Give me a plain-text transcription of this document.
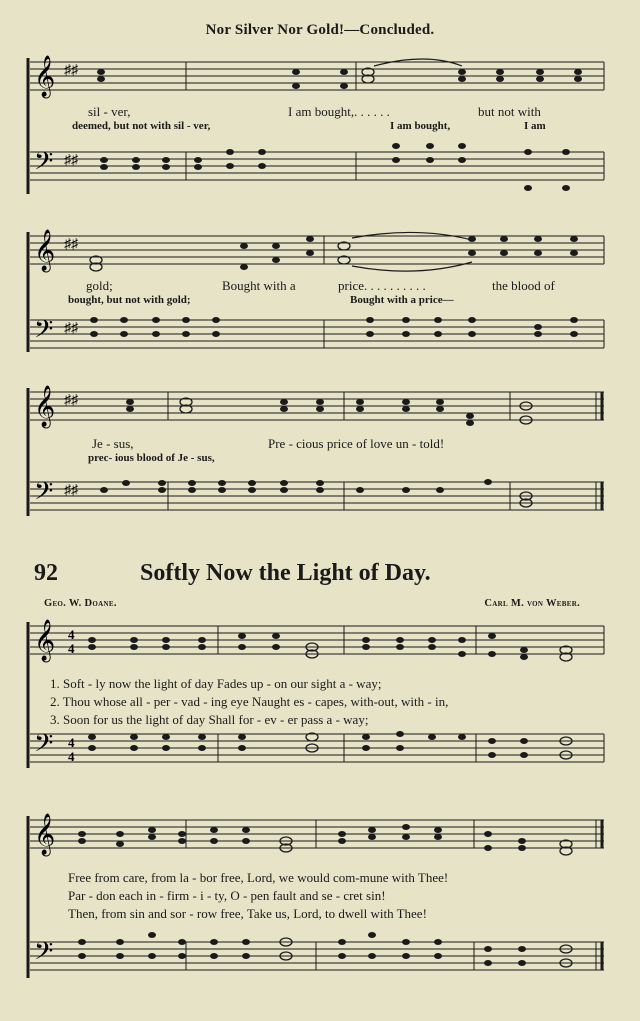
Nor Silver Nor Gold!—Concluded.
𝄞
𝄢
♯♯
♯♯
sil - ver,	I am bought,. . . . . .	but not with
deemed, but not with sil - ver,	I am bought,	I am
𝄞
𝄢
♯♯
♯♯
gold;	Bought with a	price. . . . . . . . . .	the blood of
bought, but not with gold;	Bought with a price—
𝄞
𝄢
♯♯
♯♯
Je - sus,	Pre - cious price of love un - told!
prec- ious blood of Je - sus,
92	Softly Now the Light of Day.
Geo. W. Doane.	Carl M. von Weber.
𝄞
𝄢
4
4
4
4
1. Soft - ly now the light of day Fades up - on our sight a - way;
2. Thou whose all - per - vad - ing eye Naught es - capes, with-out, with - in,
3. Soon for us the light of day Shall for - ev - er pass a - way;
𝄞
𝄢
Free from care, from la - bor free, Lord, we would com-mune with Thee!
Par - don each in - firm - i - ty, O - pen fault and se - cret sin!
Then, from sin and sor - row free, Take us, Lord, to dwell with Thee!
